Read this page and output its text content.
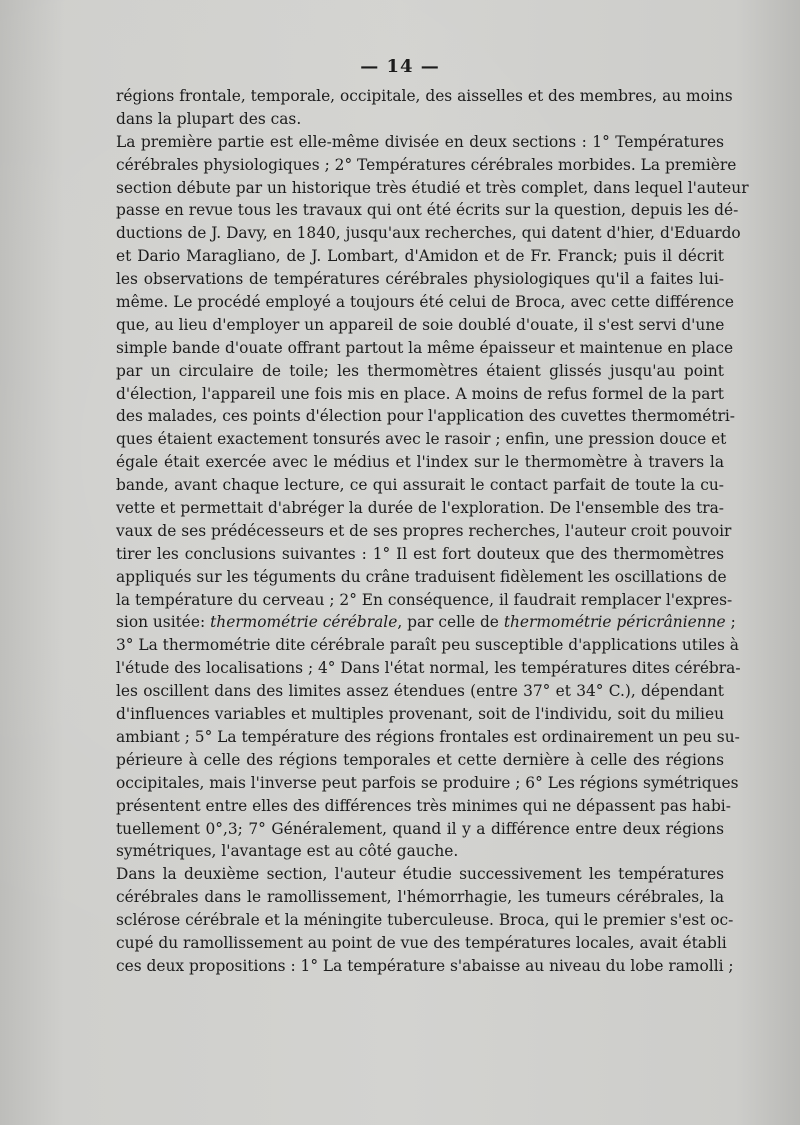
— 14 —
régions frontale, temporale, occipitale, des aisselles et des membres, au moins
dans la plupart des cas.
La première partie est elle-même divisée en deux sections : 1° Températures
cérébrales physiologiques ; 2° Températures cérébrales morbides. La première
section débute par un historique très étudié et très complet, dans lequel l'auteur
passe en revue tous les travaux qui ont été écrits sur la question, depuis les dé-
ductions de J. Davy, en 1840, jusqu'aux recherches, qui datent d'hier, d'Eduardo
et Dario Maragliano, de J. Lombart, d'Amidon et de Fr. Franck; puis il décrit
les observations de températures cérébrales physiologiques qu'il a faites lui-
même. Le procédé employé a toujours été celui de Broca, avec cette différence
que, au lieu d'employer un appareil de soie doublé d'ouate, il s'est servi d'une
simple bande d'ouate offrant partout la même épaisseur et maintenue en place
par un circulaire de toile; les thermomètres étaient glissés jusqu'au point
d'élection, l'appareil une fois mis en place. A moins de refus formel de la part
des malades, ces points d'élection pour l'application des cuvettes thermométri-
ques étaient exactement tonsurés avec le rasoir ; enfin, une pression douce et
égale était exercée avec le médius et l'index sur le thermomètre à travers la
bande, avant chaque lecture, ce qui assurait le contact parfait de toute la cu-
vette et permettait d'abréger la durée de l'exploration. De l'ensemble des tra-
vaux de ses prédécesseurs et de ses propres recherches, l'auteur croit pouvoir
tirer les conclusions suivantes : 1° Il est fort douteux que des thermomètres
appliqués sur les téguments du crâne traduisent fidèlement les oscillations de
la température du cerveau ; 2° En conséquence, il faudrait remplacer l'expres-
sion usitée: thermométrie cérébrale, par celle de thermométrie péricrânienne ;
3° La thermométrie dite cérébrale paraît peu susceptible d'applications utiles à
l'étude des localisations ; 4° Dans l'état normal, les températures dites cérébra-
les oscillent dans des limites assez étendues (entre 37° et 34° C.), dépendant
d'influences variables et multiples provenant, soit de l'individu, soit du milieu
ambiant ; 5° La température des régions frontales est ordinairement un peu su-
périeure à celle des régions temporales et cette dernière à celle des régions
occipitales, mais l'inverse peut parfois se produire ; 6° Les régions symétriques
présentent entre elles des différences très minimes qui ne dépassent pas habi-
tuellement 0°,3; 7° Généralement, quand il y a différence entre deux régions
symétriques, l'avantage est au côté gauche.
Dans la deuxième section, l'auteur étudie successivement les températures
cérébrales dans le ramollissement, l'hémorrhagie, les tumeurs cérébrales, la
sclérose cérébrale et la méningite tuberculeuse. Broca, qui le premier s'est oc-
cupé du ramollissement au point de vue des températures locales, avait établi
ces deux propositions : 1° La température s'abaisse au niveau du lobe ramolli ;
